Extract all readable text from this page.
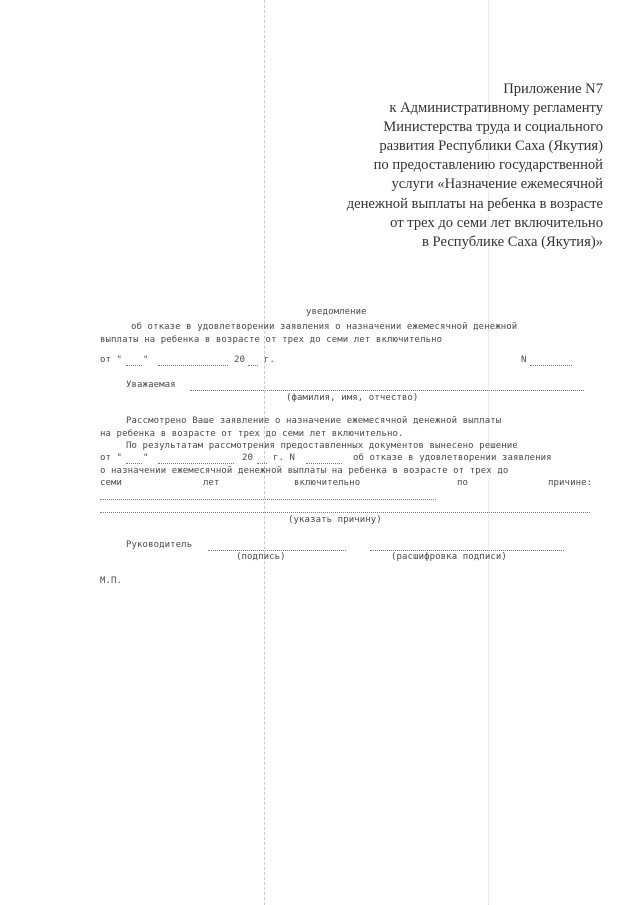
Приложение N7
к Административному регламенту
Министерства труда и социального
развития Республики Саха (Якутия)
по предоставлению государственной
услуги «Назначение ежемесячной
денежной выплаты на ребенка в возрасте
от трех до семи лет включительно
в Республике Саха (Якутия)»
уведомление
об отказе в удовлетворении заявления о назначении ежемесячной денежной
выплаты на ребенка в возрасте от трех до семи лет включительно
от " "	20 г.	N
Уважаемая
(фамилия, имя, отчество)
Рассмотрено Ваше заявление о назначение ежемесячной денежной выплаты
на ребенка в возрасте от трех до семи лет включительно.
По результатам рассмотрения предоставленных документов вынесено решение
от " "	20 г. N	об отказе в удовлетворении заявления
о назначении ежемесячной денежной выплаты на ребенка в возрасте от трех до
семи	лет	включительно	по	причине:
(указать причину)
Руководитель
(подпись)	(расшифровка подписи)
М.П.
